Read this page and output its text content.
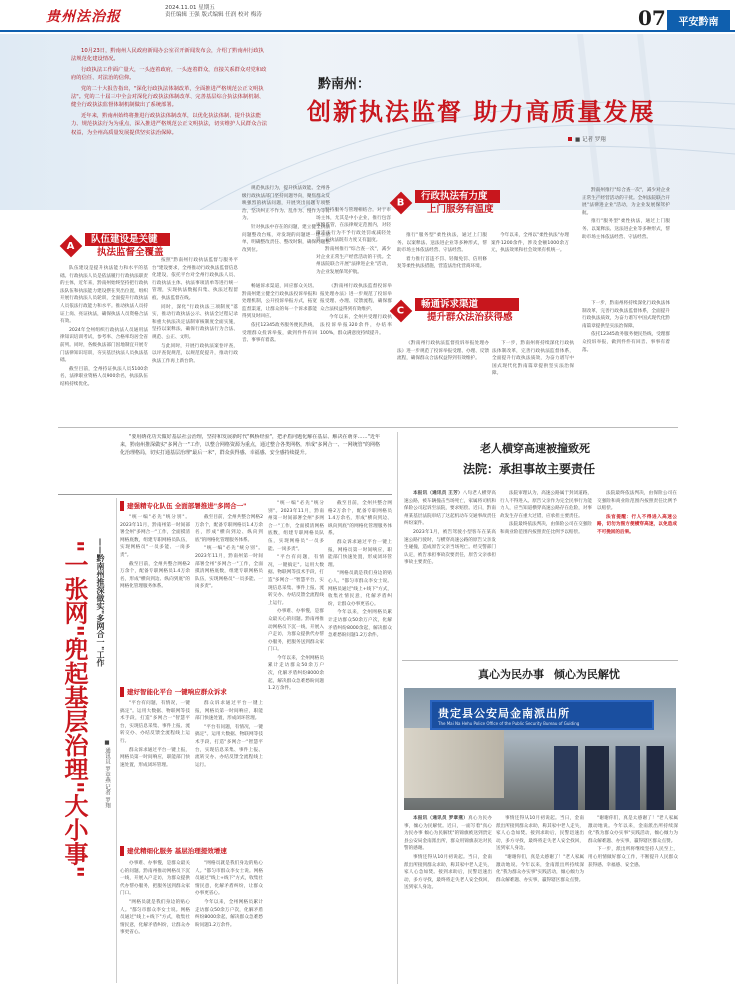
贵州法治报
2024.11.01 星期五
责任编辑 王强 版式编辑 任润 校对 梅涛	07	平安黔南

10月23日，黔南州人民政府新闻办公室召开新闻发布会，介绍了黔南州行政执法规范化建设情况。

行政执法工作面广量大，一头连着政府，一头连着群众，直接关系群众对党和政府的信任、对法治的信仰。

党的二十大报告指出，"深化行政执法体制改革，全面推进严格规范公正文明执法"。党的二十届三中全会对深化行政执法体制改革、完善基层综合执法体制机制、健全行政执法监督体制机制做出了系统部署。

近年来，黔南州始终将推进行政执法体制改革，以优化执法体制、提升执法能力、规范执法行为为重点，深入推进严格规范公正文明执法，切实维护人民群众合法权益，为全州高质量发展提供坚实法治保障。

黔南州：
创新执法监督 助力高质量发展
■ 记者 罗翔
A
队伍建设是关键
执法监督全覆盖
B
行政执法有力度
上门服务有温度
C
畅通诉求渠道
提升群众法治获得感

队伍建设是提升执法能力和水平的基础。行政执法人员是依法履行行政执法职责的主体，近年来，黔南州始终坚持把行政执法队伍和执法能力建设摆在突出位置，组织开展行政执法人员轮训，全面提升行政执法人员依法行政能力和水平。推动执法人员持证上岗、亮证执法，确保执法人员资格合法有效。

2024年全州组织行政执法人员通用法律知识培训考试，参考率、合格率均居全省前列。同时，各级执法部门因地制宜开展专门法律知识培训，夯实基层执法人员执法基础。

截至目前，全州持证执法人员5100余名，法律职业资格人员900余名，执法队伍结构持续优化。

按照"黔南州行政执法监督与服务平台"建设要求，全州推动行政执法监督信息化建设，依托平台对全州行政执法人员、行政执法主体、执法事项清单等进行统一管理，实现执法数据归集、执法过程留痕、执法监督在线。

同时，深化"行政执法三项制度"落实，推动行政执法公示、执法全过程记录和重大执法决定法制审核制度全面实施，坚持以案释法，确保行政执法行为合法、规范、公正、文明。

与此同时，开展行政执法案卷评查，以评查促规范，以规范促提升，推动行政执法工作再上新台阶。

规范执法行为，提升执法效能。全州各级行政执法部门坚持问题导向，聚焦群众反映强烈的执法问题，开展突出问题专项整治，坚决纠正不作为、乱作为、慢作为等行为。

针对执法中存在的问题，建立健全执法问题整改台账，对发现的问题逐一建立清单，明确整改责任、整改时限，确保问题整改到位。

坚持服务与管理相结合。对于市场主体，尤其是中小企业，推行包容审慎监管，在法律规定范围内，对轻微违法行为不予行政处罚或减轻处罚，让执法既有力度又有温度。

黔南州推行"综合查一次"，减少对企业正常生产经营活动的干扰。全州法院联合开展"法律进企业"活动，为企业发展保驾护航。

推行"服务型"柔性执法，通过上门服务、以案释法、送法进企业等多种形式，帮助市场主体依法经营、守法经营。

着力推行首违不罚、轻微免罚、信用修复等柔性执法措施，营造法治化营商环境。

今年以来，全州以"柔性执法"办理案件1200余件，涉及金额1000余万元，执法效果和社会效果有机统一。

黔南州推行"综合查一次"，减少对企业正常生产经营活动的干扰。全州法院联合开展"法律进企业"活动，为企业发展保驾护航。

推行"服务型"柔性执法，通过上门服务、以案释法、送法进企业等多种形式，帮助市场主体依法经营、守法经营。

畅通诉求渠道，回应群众关切。黔南州建立健全行政执法投诉举报和处理机制，公开投诉举报方式，拓宽监督渠道，让群众的每一个诉求都能得到及时回应。

依托12345政务服务便民热线，受理群众投诉举报，做到件件有回音、事事有着落。

《黔南州行政执法监督投诉举报处理办法》进一步规范了投诉举报受理、办理、反馈流程，确保群众合法权益得到有效维护。

今年以来，全州共受理行政执法投诉举报320余件，办结率100%，群众满意度持续提升。

《黔南州行政执法监督投诉举报处理办法》进一步规范了投诉举报受理、办理、反馈流程，确保群众合法权益得到有效维护。

下一步，黔南州将持续深化行政执法体制改革，完善行政执法监督体系，全面提升行政执法质效，为奋力谱写中国式现代化黔南篇章提供坚实法治保障。

下一步，黔南州将持续深化行政执法体制改革，完善行政执法监督体系，全面提升行政执法质效，为奋力谱写中国式现代化黔南篇章提供坚实法治保障。

依托12345政务服务便民热线，受理群众投诉举报，做到件件有回音、事事有着落。

"要用绣花功夫做好基层社会治理，坚持和发展新时代"枫桥经验"，把矛盾问题化解在基层、解决在萌芽……"近年来，黔南州推深做实"多网合一"工作，以整合网格资源为重点，通过整合各类网格，形成"多网合一、一网统管"的网格化治理格局，切实打通基层治理"最后一米"，群众获得感、幸福感、安全感持续提升。

"一张网"兜起基层治理"大小事" ——黔南州推深做实"多网合一"工作
■ 通讯员 罗章燕 记者 罗翔
建强精专化队伍 全面部署推进"多网合一"

"统一编"必先"统分别"。2023年11月，黔南州第一时间部署全州"多网合一"工作，全面摸清网格底数，组建专职网格员队伍，实现网格员"一员多能、一岗多责"。

截至目前，全州共整合网格2万余个，配备专职网格员1.4万余名，形成"横向到边、纵向到底"的网格化管理服务体系。

截至目前，全州共整合网格2万余个，配备专职网格员1.4万余名，形成"横向到边、纵向到底"的网格化管理服务体系。

"统一编"必先"统分别"。2023年11月，黔南州第一时间部署全州"多网合一"工作，全面摸清网格底数，组建专职网格员队伍，实现网格员"一员多能、一岗多责"。

建好智能化平台 一键响应群众诉求

"平台有问题，有情况，一键搞定"。运用大数据、物联网等技术手段，打造"多网合一"智慧平台，实现信息采集、事件上报、流转交办、办结反馈全流程线上运行。

群众诉求通过平台一键上报，网格员第一时间响应，职能部门快速处置，形成闭环管理。

群众诉求通过平台一键上报，网格员第一时间响应，职能部门快速处置，形成闭环管理。

"平台有问题，有情况，一键搞定"。运用大数据、物联网等技术手段，打造"多网合一"智慧平台，实现信息采集、事件上报、流转交办、办结反馈全流程线上运行。

建优精细化服务 基层治理提效增速

办事难、办事慢，是群众最关心的问题。黔南州推动网格员下沉一线，开展入户走访，为群众提供代办帮办服务，把服务送到群众家门口。

"网格员就是我们身边的贴心人。"都匀市群众李女士说。网格员通过"线上+线下"方式，收集社情民意，化解矛盾纠纷，让群众办事更省心。

"网格员就是我们身边的贴心人。"都匀市群众李女士说。网格员通过"线上+线下"方式，收集社情民意，化解矛盾纠纷，让群众办事更省心。

今年以来，全州网格员累计走访群众50余万户次，化解矛盾纠纷8000余起，解决群众急难愁盼问题1.2万余件。

"统一编"必先"统分别"。2023年11月，黔南州第一时间部署全州"多网合一"工作，全面摸清网格底数，组建专职网格员队伍，实现网格员"一员多能、一岗多责"。

"平台有问题，有情况，一键搞定"。运用大数据、物联网等技术手段，打造"多网合一"智慧平台，实现信息采集、事件上报、流转交办、办结反馈全流程线上运行。

办事难、办事慢，是群众最关心的问题。黔南州推动网格员下沉一线，开展入户走访，为群众提供代办帮办服务，把服务送到群众家门口。

今年以来，全州网格员累计走访群众50余万户次，化解矛盾纠纷8000余起，解决群众急难愁盼问题1.2万余件。

截至目前，全州共整合网格2万余个，配备专职网格员1.4万余名，形成"横向到边、纵向到底"的网格化管理服务体系。

群众诉求通过平台一键上报，网格员第一时间响应，职能部门快速处置，形成闭环管理。

"网格员就是我们身边的贴心人。"都匀市群众李女士说。网格员通过"线上+线下"方式，收集社情民意，化解矛盾纠纷，让群众办事更省心。

今年以来，全州网格员累计走访群众50余万户次，化解矛盾纠纷8000余起，解决群众急难愁盼问题1.2万余件。

老人横穿高速被撞致死
法院：承担事故主要责任

本报讯（通讯员 王芳）八旬老人横穿高速公路，被车辆撞击当场死亡，家属将司机和保险公司起诉至法院，要求赔偿。近日，黔南州某基层法院审结了这起机动车交通事故责任纠纷案件。

2023年1月，被告驾驶小型客车在某高速公路行驶时，与横穿高速公路的原告父亲发生碰撞，造成原告父亲当场死亡。经交警部门认定，被告承担事故次要责任，原告父亲承担事故主要责任。

法院审理认为，高速公路属于封闭道路，行人不得进入。原告父亲作为完全民事行为能力人，应当知道横穿高速公路存在危险，对事故发生存在重大过错，应承担主要责任。

法院最终依法判决，由保险公司在交强险和商业险范围内按照责任比例予以赔偿。

法院最终依法判决，由保险公司在交强险和商业险范围内按照责任比例予以赔偿。

法官提醒：行人不得进入高速公路，切勿为图方便横穿高速，以免造成不可挽回的后果。

真心为民办事 倾心为民解忧
贵定县公安局金南派出所
The Mai Na Hehu Police Office of the Public Security Bureau of Guiding

本报讯（通讯员 罗章燕）真心为民办事，倾心为民解忧。近日，一面写着"真心为民办事 倾心为民解忧"的锦旗被送到贵定县公安局金南派出所，群众用锦旗表达对民警的感谢。

事情还得从10月初说起。当日，金南派出所接到群众求助，称其家中老人走失，家人心急如焚。接到求助后，民警迅速出动，多方寻找，最终将走失老人安全找回，送到家人身边。

事情还得从10月初说起。当日，金南派出所接到群众求助，称其家中老人走失，家人心急如焚。接到求助后，民警迅速出动，多方寻找，最终将走失老人安全找回，送到家人身边。

"谢谢你们，真是太感谢了！"老人家属激动地说。今年以来，金南派出所持续深化"我为群众办实事"实践活动，倾心倾力为群众解难题、办实事，赢得辖区群众点赞。

"谢谢你们，真是太感谢了！"老人家属激动地说。今年以来，金南派出所持续深化"我为群众办实事"实践活动，倾心倾力为群众解难题、办实事，赢得辖区群众点赞。

下一步，派出所将继续坚持人民至上，用心用情做好群众工作，不断提升人民群众获得感、幸福感、安全感。
